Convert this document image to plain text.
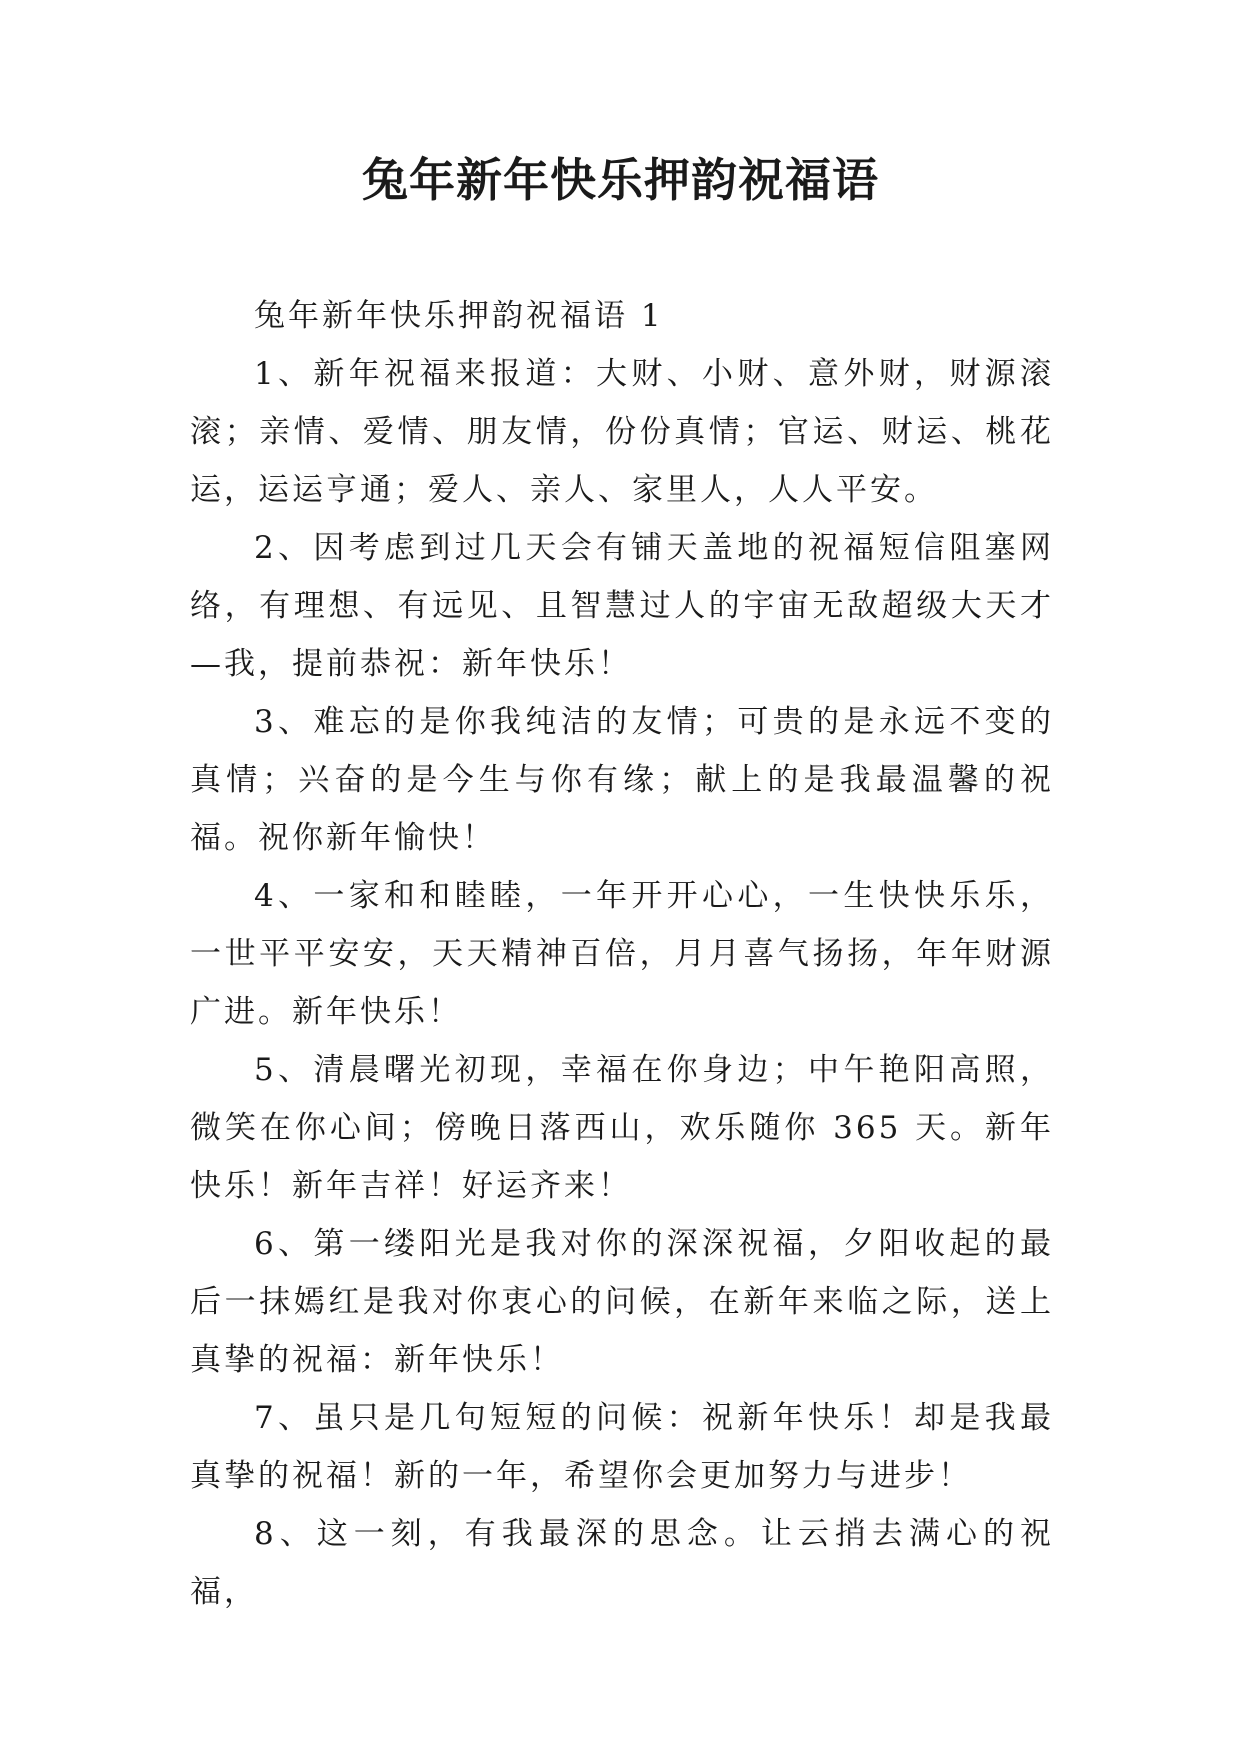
兔年新年快乐押韵祝福语

兔年新年快乐押韵祝福语 1

1、新年祝福来报道：大财、小财、意外财，财源滚滚；亲情、爱情、朋友情，份份真情；官运、财运、桃花运，运运亨通；爱人、亲人、家里人，人人平安。

2、因考虑到过几天会有铺天盖地的祝福短信阻塞网络，有理想、有远见、且智慧过人的宇宙无敌超级大天才—我，提前恭祝：新年快乐！

3、难忘的是你我纯洁的友情；可贵的是永远不变的真情；兴奋的是今生与你有缘；献上的是我最温馨的祝福。祝你新年愉快！

4、一家和和睦睦，一年开开心心，一生快快乐乐，一世平平安安，天天精神百倍，月月喜气扬扬，年年财源广进。新年快乐！

5、清晨曙光初现，幸福在你身边；中午艳阳高照，微笑在你心间；傍晚日落西山，欢乐随你 365 天。新年快乐！新年吉祥！好运齐来！

6、第一缕阳光是我对你的深深祝福，夕阳收起的最后一抹嫣红是我对你衷心的问候，在新年来临之际，送上真挚的祝福：新年快乐！

7、虽只是几句短短的问候：祝新年快乐！却是我最真挚的祝福！新的一年，希望你会更加努力与进步！

8、这一刻，有我最深的思念。让云捎去满心的祝福，
